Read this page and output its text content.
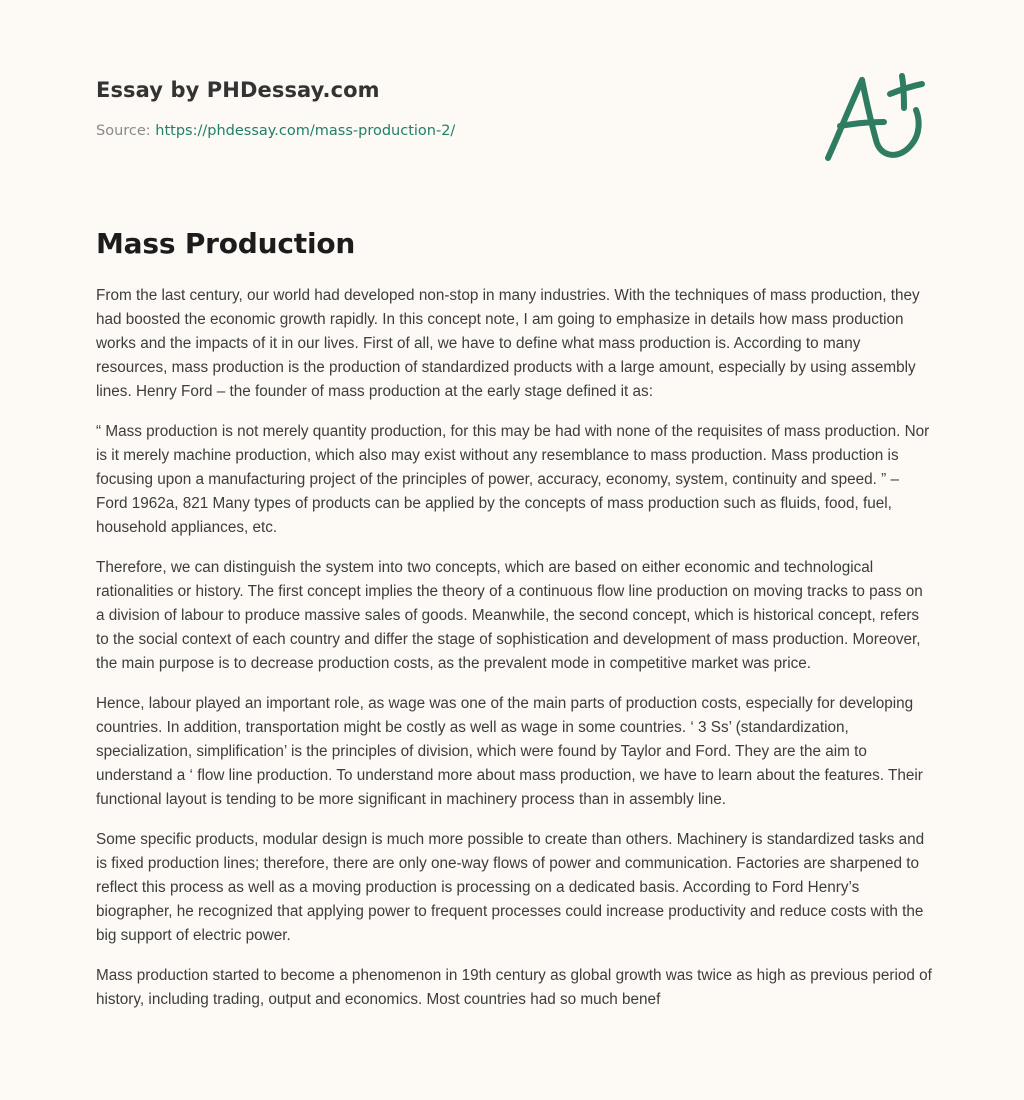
Essay by PHDessay.com
Source: https://phdessay.com/mass-production-2/
Mass Production

From the last century, our world had developed non-stop in many industries. With the techniques of mass production, they had boosted the economic growth rapidly. In this concept note, I am going to emphasize in details how mass production works and the impacts of it in our lives. First of all, we have to define what mass production is. According to many resources, mass production is the production of standardized products with a large amount, especially by using assembly lines. Henry Ford – the founder of mass production at the early stage defined it as:

“ Mass production is not merely quantity production, for this may be had with none of the requisites of mass production. Nor is it merely machine production, which also may exist without any resemblance to mass production. Mass production is focusing upon a manufacturing project of the principles of power, accuracy, economy, system, continuity and speed. ” – Ford 1962a, 821 Many types of products can be applied by the concepts of mass production such as fluids, food, fuel, household appliances, etc.

Therefore, we can distinguish the system into two concepts, which are based on either economic and technological rationalities or history. The first concept implies the theory of a continuous flow line production on moving tracks to pass on a division of labour to produce massive sales of goods. Meanwhile, the second concept, which is historical concept, refers to the social context of each country and differ the stage of sophistication and development of mass production. Moreover, the main purpose is to decrease production costs, as the prevalent mode in competitive market was price.

Hence, labour played an important role, as wage was one of the main parts of production costs, especially for developing countries. In addition, transportation might be costly as well as wage in some countries. ‘ 3 Ss’ (standardization, specialization, simplification’ is the principles of division, which were found by Taylor and Ford. They are the aim to understand a ‘ flow line production. To understand more about mass production, we have to learn about the features. Their functional layout is tending to be more significant in machinery process than in assembly line.

Some specific products, modular design is much more possible to create than others. Machinery is standardized tasks and is fixed production lines; therefore, there are only one-way flows of power and communication. Factories are sharpened to reflect this process as well as a moving production is processing on a dedicated basis. According to Ford Henry’s biographer, he recognized that applying power to frequent processes could increase productivity and reduce costs with the big support of electric power.

Mass production started to become a phenomenon in 19th century as global growth was twice as high as previous period of history, including trading, output and economics. Most countries had so much benef
